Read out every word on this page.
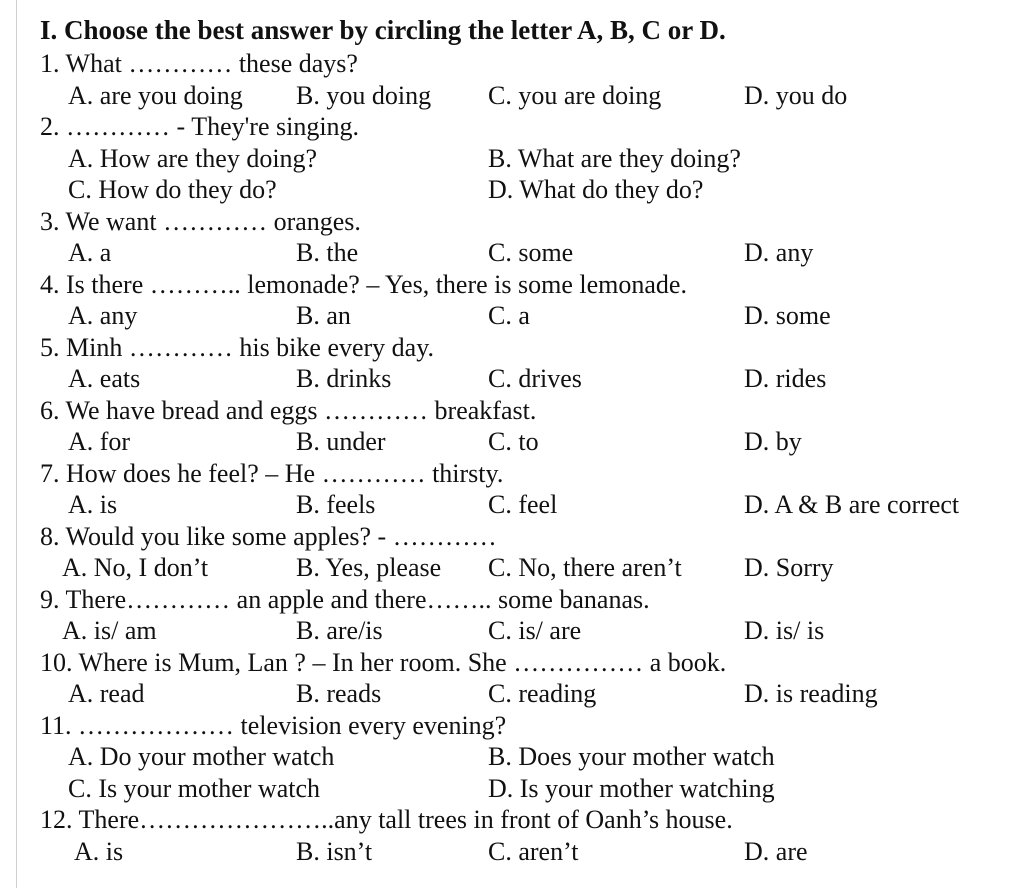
I. Choose the best answer by circling the letter A, B, C or D.
1. What ………… these days?
A. are you doing B. you doing C. you are doing	D. you do
2. ………… - They're singing.
A. How are they doing?	B. What are they doing?
C. How do they do?	D. What do they do?
3. We want ………… oranges.
A. a	B. the	C. some	D. any
4. Is there ……….. lemonade? – Yes, there is some lemonade.
A. any	B. an	C. a	D. some
5. Minh ………… his bike every day.
A. eats	B. drinks	C. drives	D. rides
6. We have bread and eggs ………… breakfast.
A. for	B. under	C. to	D. by
7. How does he feel? – He ………… thirsty.
A. is	B. feels	C. feel	D. A & B are correct
8. Would you like some apples? - …………
A. No, I don’t	B. Yes, please C. No, there aren’t D. Sorry
9. There………… an apple and there…….. some bananas.
A. is/ am	B. are/is	C. is/ are	D. is/ is
10. Where is Mum, Lan ? – In her room. She …………… a book.
A. read	B. reads	C. reading	D. is reading
11. ……………… television every evening?
A. Do your mother watch	B. Does your mother watch
C. Is your mother watch	D. Is your mother watching
12. There…………………..any tall trees in front of Oanh’s house.
A. is	B. isn’t	C. aren’t	D. are
